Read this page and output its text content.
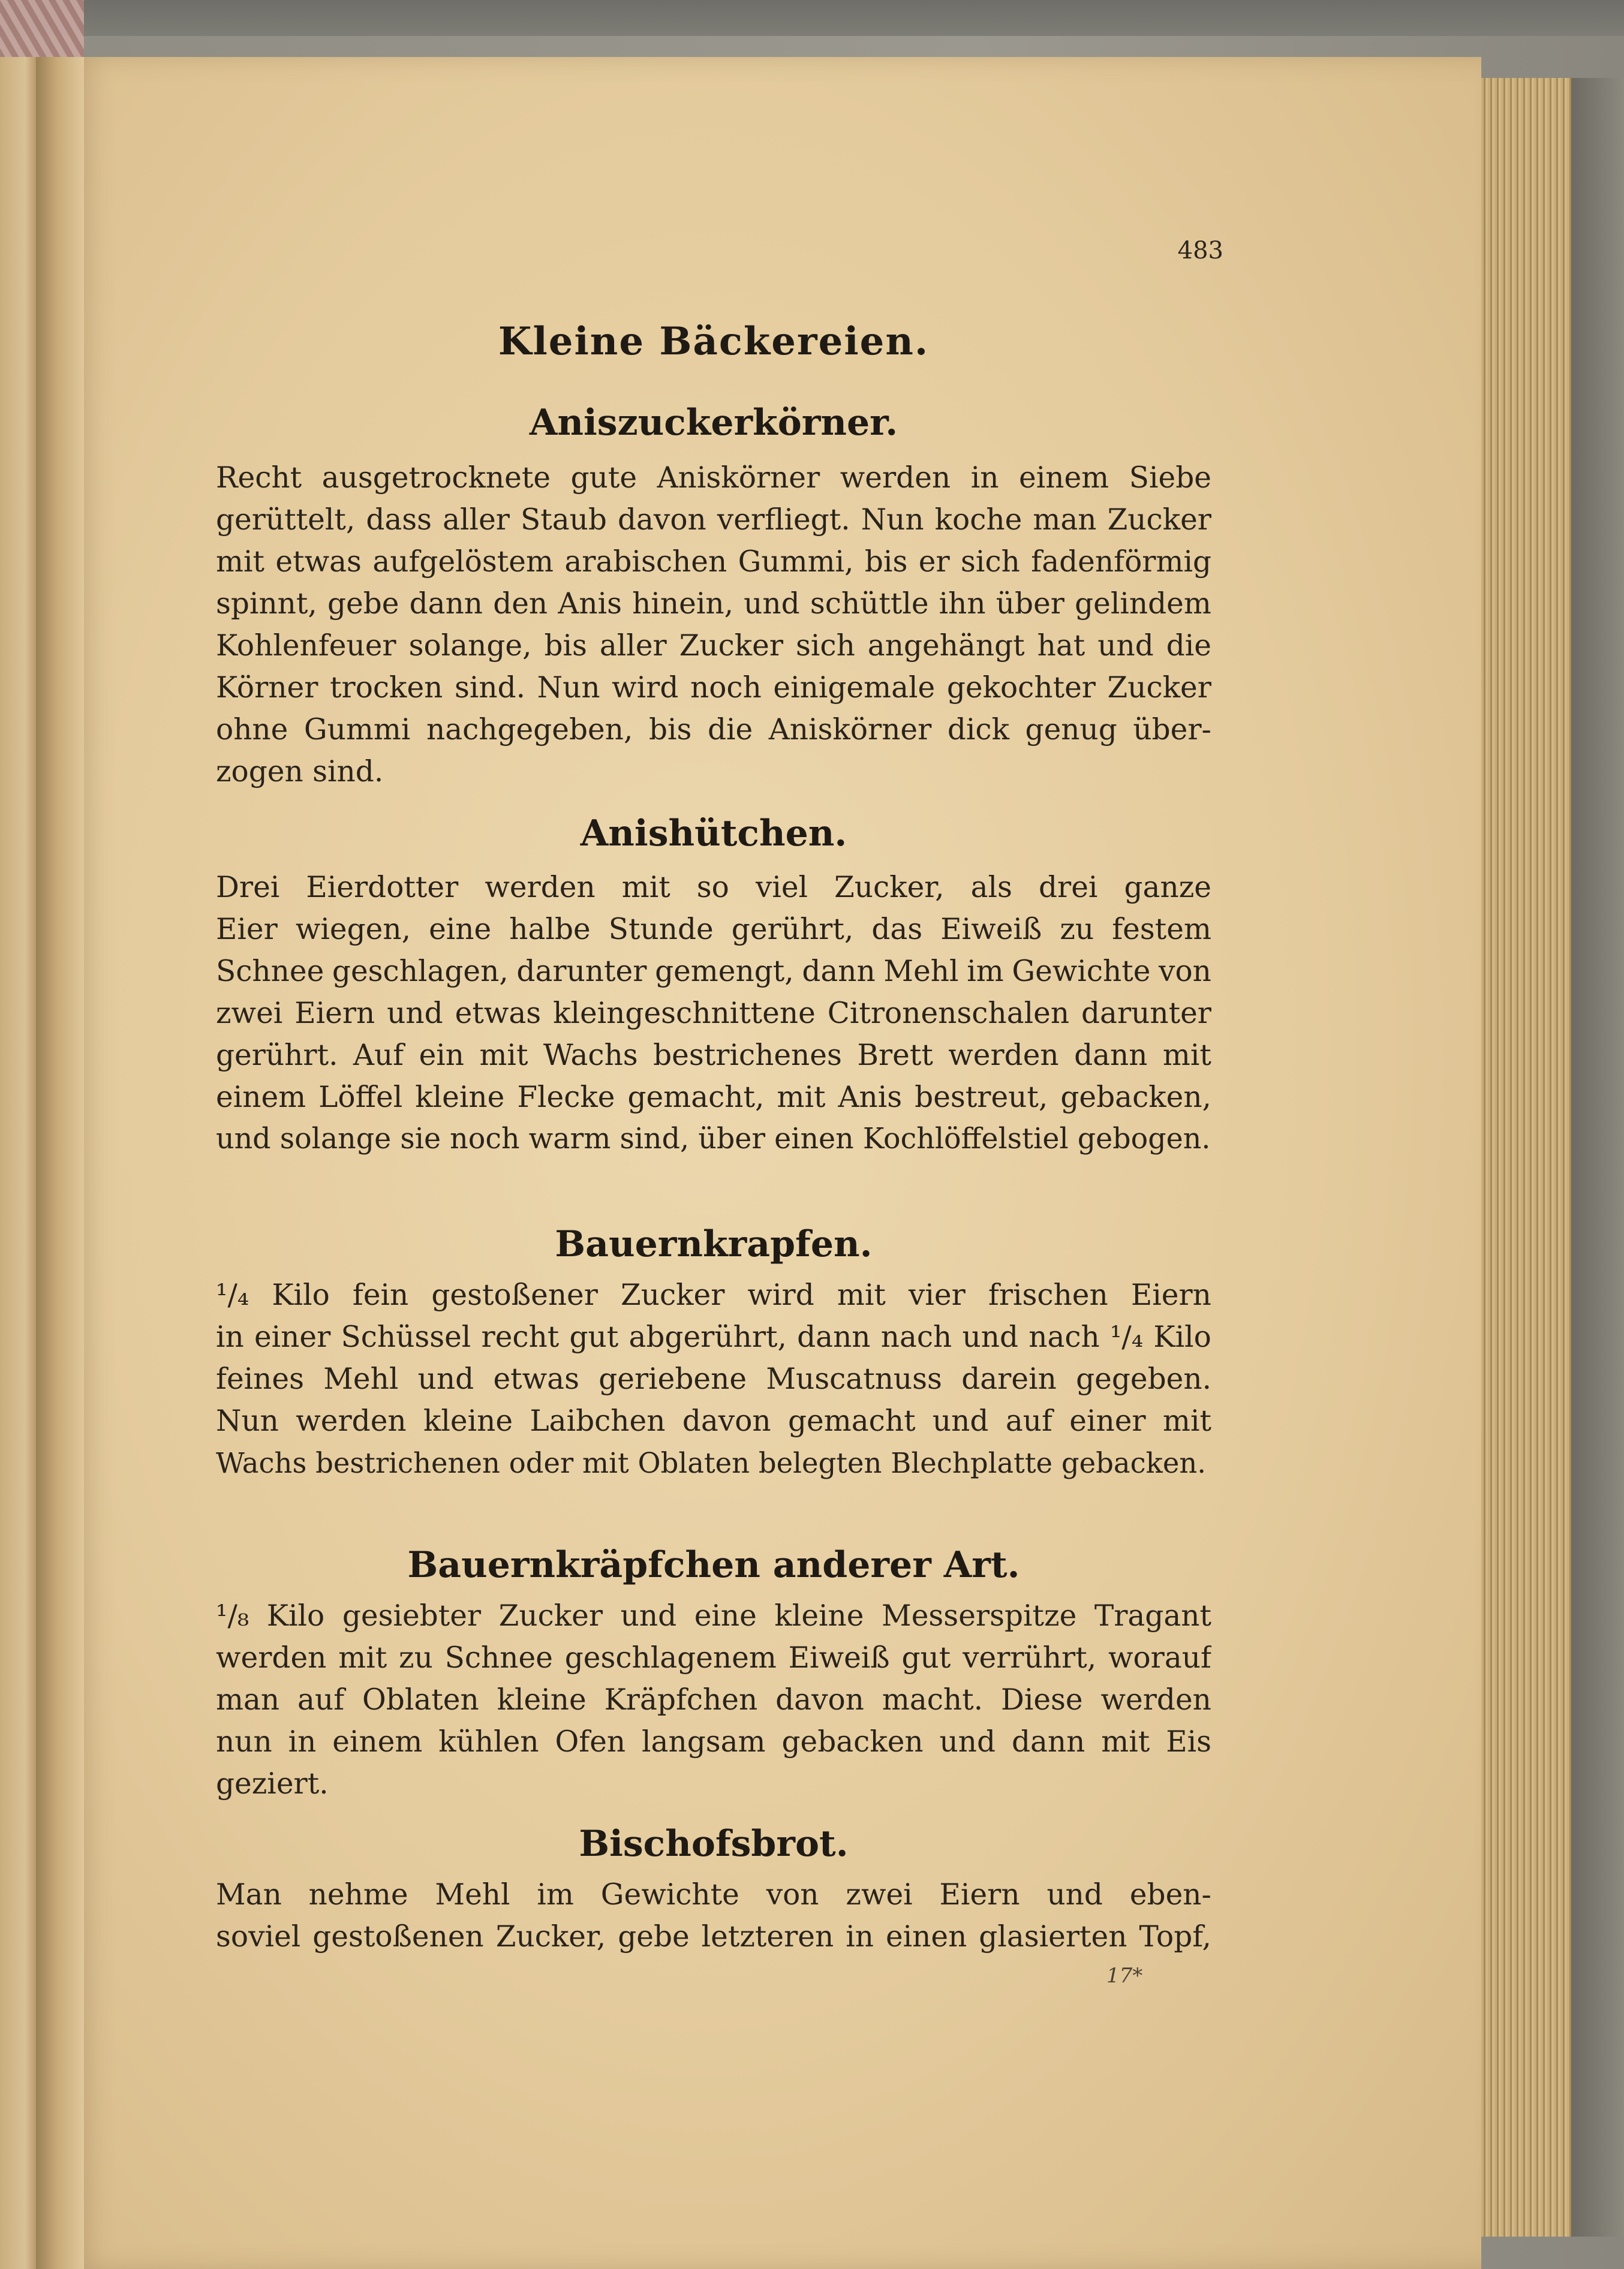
483
Kleine Bäckereien.
Aniszuckerkörner.
Recht ausgetrocknete gute Aniskörner werden in einem Siebe
gerüttelt, dass aller Staub davon verfliegt. Nun koche man Zucker
mit etwas aufgelöstem arabischen Gummi, bis er sich fadenförmig
spinnt, gebe dann den Anis hinein, und schüttle ihn über gelindem
Kohlenfeuer solange, bis aller Zucker sich angehängt hat und die
Körner trocken sind. Nun wird noch einigemale gekochter Zucker
ohne Gummi nachgegeben, bis die Aniskörner dick genug über-
zogen sind.
Anishütchen.
Drei Eierdotter werden mit so viel Zucker, als drei ganze
Eier wiegen, eine halbe Stunde gerührt, das Eiweiß zu festem
Schnee geschlagen, darunter gemengt, dann Mehl im Gewichte von
zwei Eiern und etwas kleingeschnittene Citronenschalen darunter
gerührt. Auf ein mit Wachs bestrichenes Brett werden dann mit
einem Löffel kleine Flecke gemacht, mit Anis bestreut, gebacken,
und solange sie noch warm sind, über einen Kochlöffelstiel gebogen.
Bauernkrapfen.
¹/₄ Kilo fein gestoßener Zucker wird mit vier frischen Eiern
in einer Schüssel recht gut abgerührt, dann nach und nach ¹/₄ Kilo
feines Mehl und etwas geriebene Muscatnuss darein gegeben.
Nun werden kleine Laibchen davon gemacht und auf einer mit
Wachs bestrichenen oder mit Oblaten belegten Blechplatte gebacken.
Bauernkräpfchen anderer Art.
¹/₈ Kilo gesiebter Zucker und eine kleine Messerspitze Tragant
werden mit zu Schnee geschlagenem Eiweiß gut verrührt, worauf
man auf Oblaten kleine Kräpfchen davon macht. Diese werden
nun in einem kühlen Ofen langsam gebacken und dann mit Eis
geziert.
Bischofsbrot.
Man nehme Mehl im Gewichte von zwei Eiern und eben-
soviel gestoßenen Zucker, gebe letzteren in einen glasierten Topf,
17*
